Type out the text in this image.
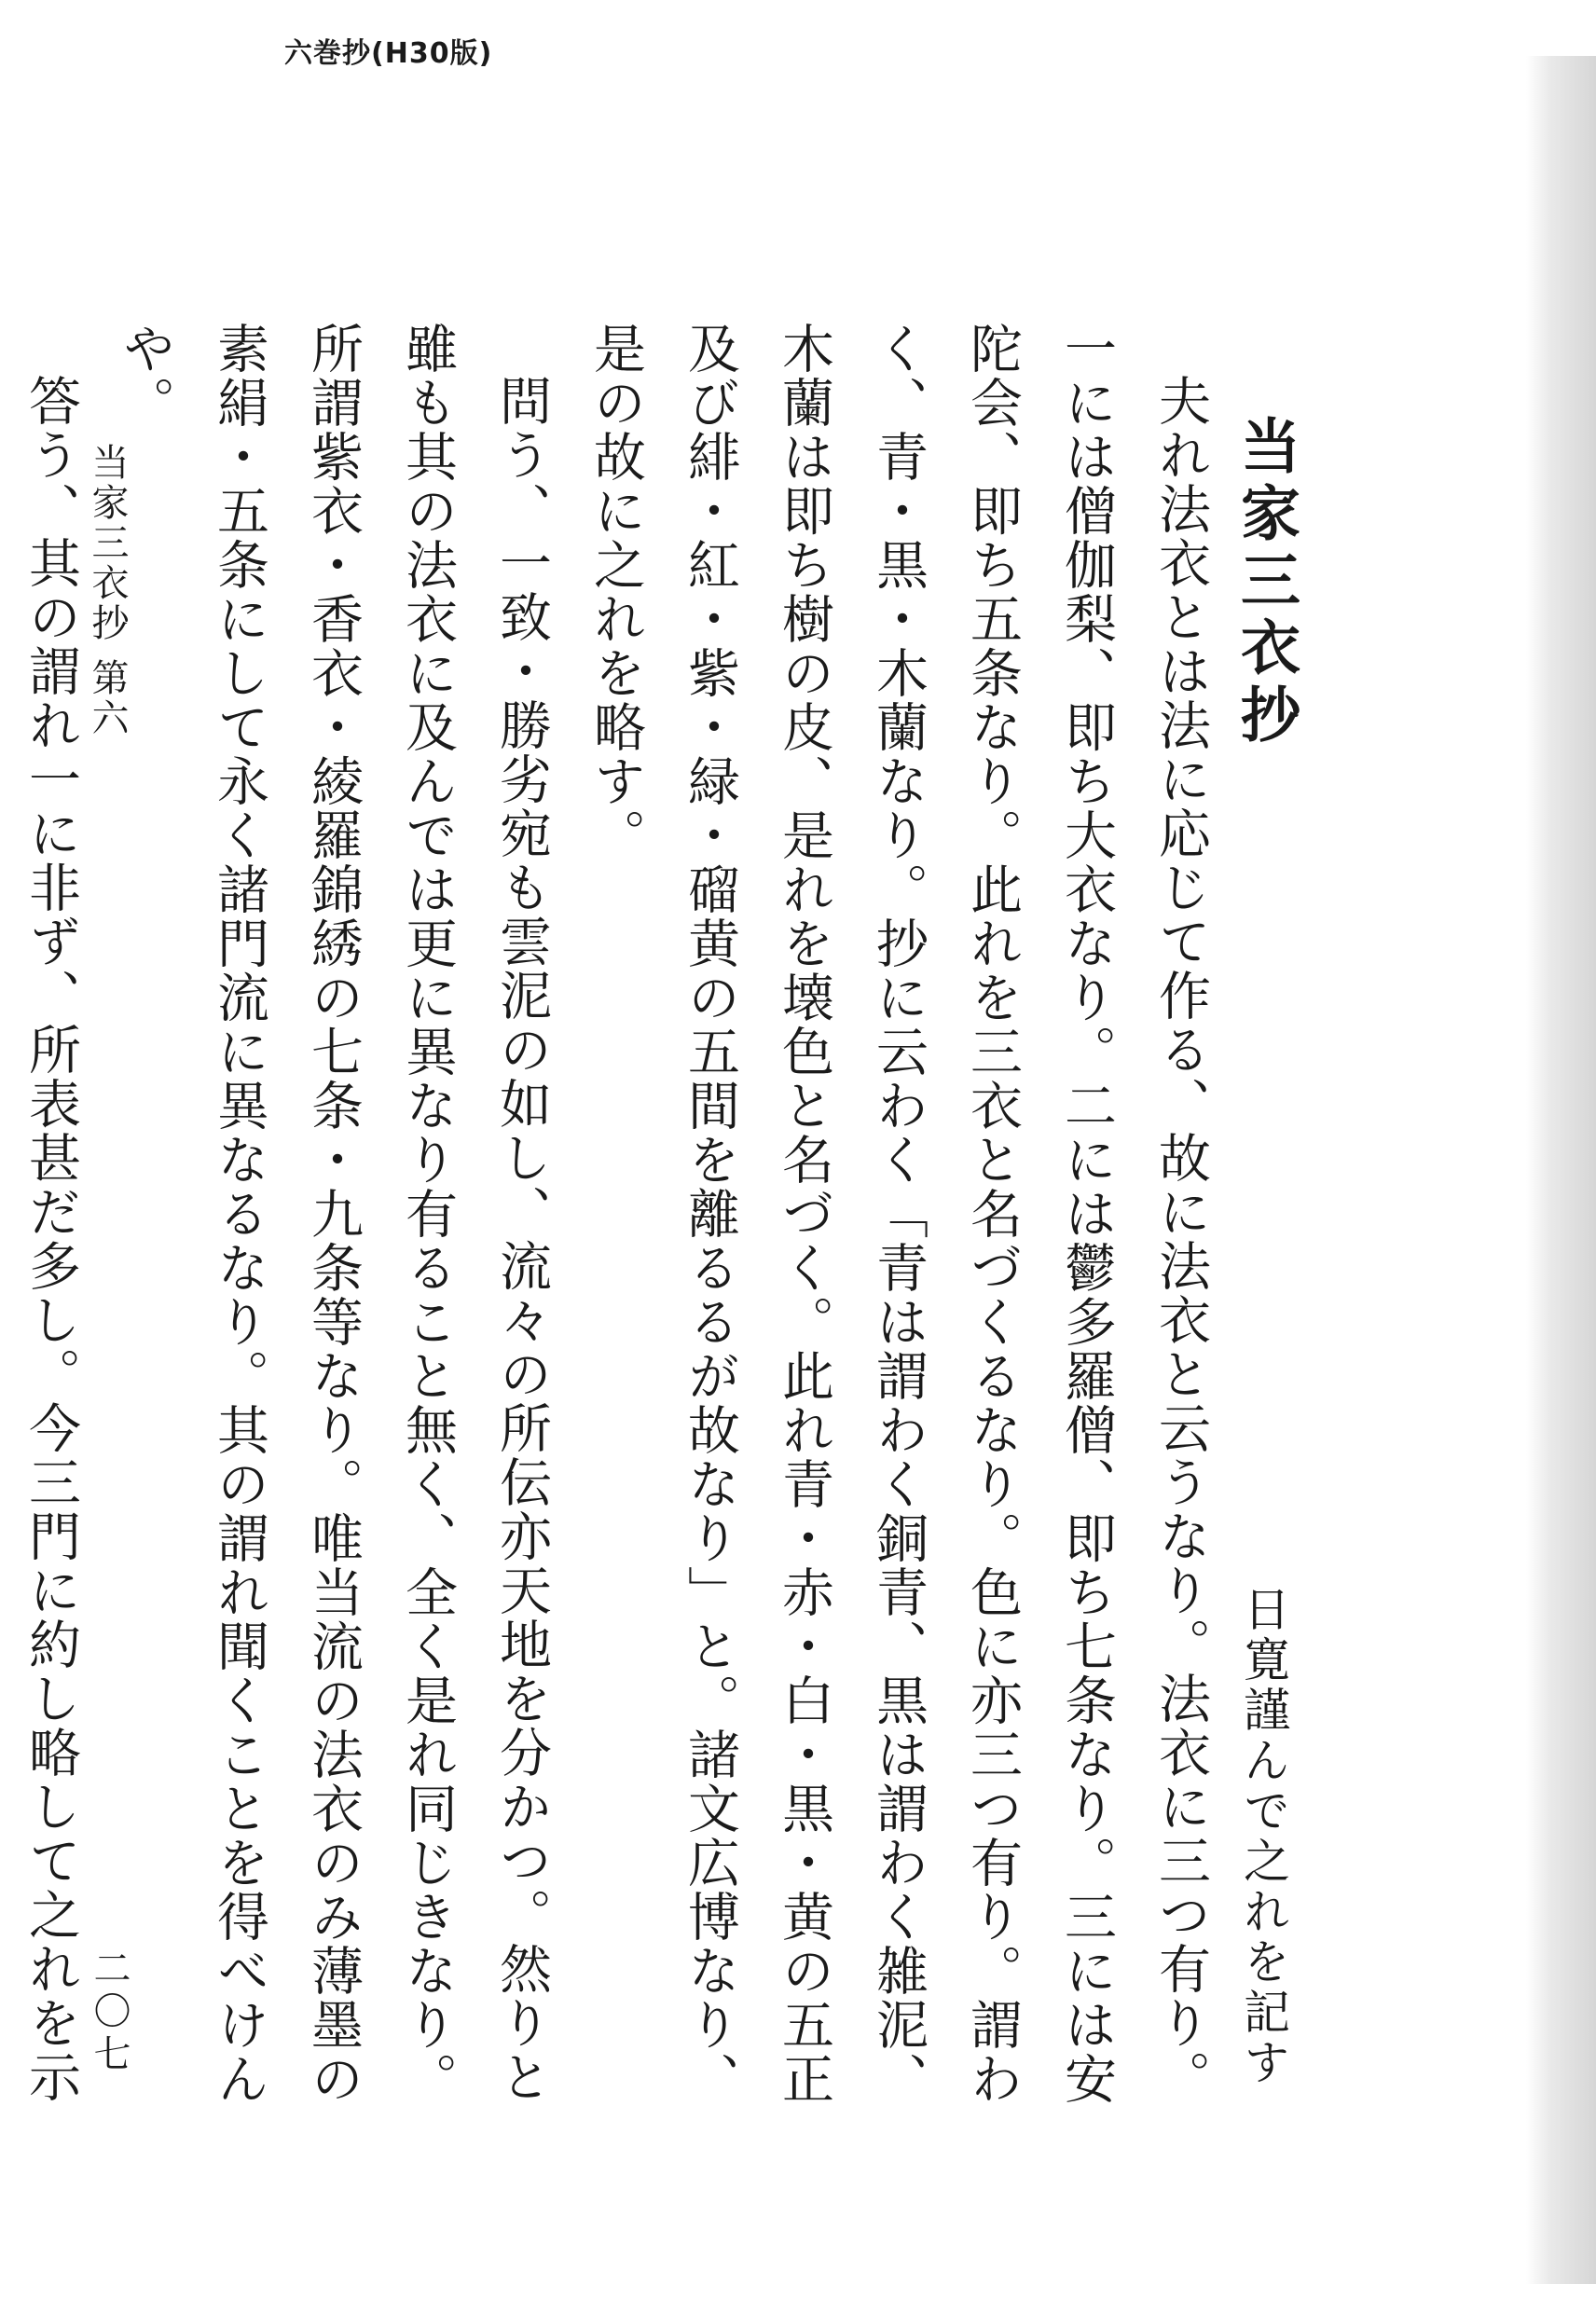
六巻抄(H30版)
当家三衣抄
日寛謹んで之れを記す

夫れ法衣とは法に応じて作る、故に法衣と云うなり。法衣に三つ有り。一には僧伽梨、即ち大衣なり。二には鬱多羅僧、即ち七条なり。三には安陀会、即ち五条なり。此れを三衣と名づくるなり。色に亦三つ有り。謂わく、青・黒・木蘭なり。抄に云わく「青は謂わく銅青、黒は謂わく雑泥、木蘭は即ち樹の皮、是れを壊色と名づく。此れ青・赤・白・黒・黄の五正及び緋・紅・紫・緑・磂黄の五間を離るるが故なり」と。諸文広博なり、是の故に之れを略す。

問う、一致・勝劣宛も雲泥の如し、流々の所伝亦天地を分かつ。然りと雖も其の法衣に及んでは更に異なり有ること無く、全く是れ同じきなり。所謂紫衣・香衣・綾羅錦綉の七条・九条等なり。唯当流の法衣のみ薄墨の素絹・五条にして永く諸門流に異なるなり。其の謂れ聞くことを得べけんや。

答う、其の謂れ一に非ず、所表甚だ多し。今三門に約し略して之れを示

当家三衣抄 第六
二〇七
